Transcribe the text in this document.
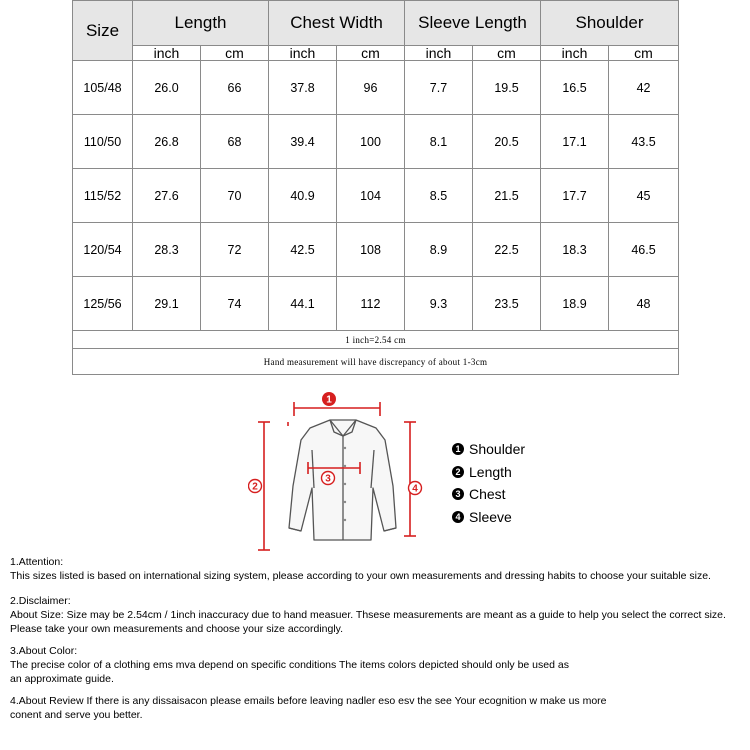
Size	Length		Chest Width		Sleeve Length		Shoulder	
	inch	cm	inch	cm	inch	cm	inch	cm
105/48	26.0	66	37.8	96	7.7	19.5	16.5	42
110/50	26.8	68	39.4	100	8.1	20.5	17.1	43.5
115/52	27.6	70	40.9	104	8.5	21.5	17.7	45
120/54	28.3	72	42.5	108	8.9	22.5	18.3	46.5
125/56	29.1	74	44.1	112	9.3	23.5	18.9	48
1 inch=2.54 cm								
Hand measurement will have discrepancy of about 1-3cm								
1
2
3
4
1 Shoulder
2 Length
3 Chest
4 Sleeve

1.Attention:

This sizes listed is based on international sizing system, please according to your own measurements and dressing habits to choose your suitable size.

2.Disclaimer:

About Size: Size may be 2.54cm / 1inch inaccuracy due to hand measuer. Thsese measurements are meant as a guide to help you select the correct size.

Please take your own measurements and choose your size accordingly.

3.About Color:

The precise color of a clothing ems mva depend on specific conditions The items colors depicted should only be used as

an approximate guide.

4.About Review If there is any dissaisacon please emails before leaving nadler eso esv the see Your ecognition w make us more

conent and serve you better.
